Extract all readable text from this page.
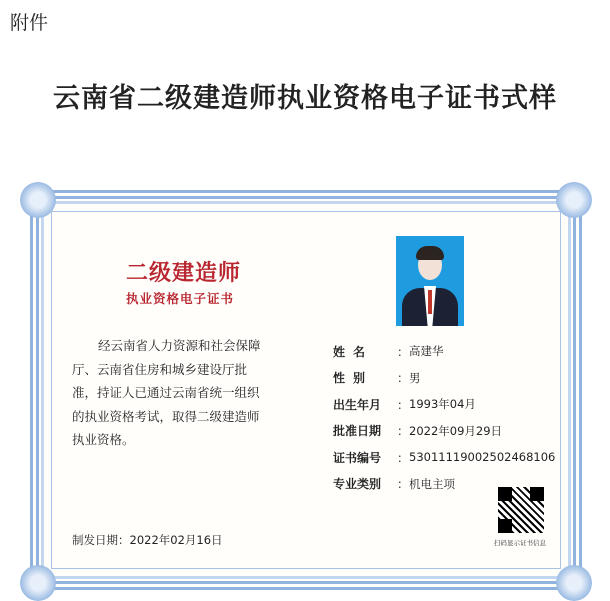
附件
云南省二级建造师执业资格电子证书式样
二级建造师
执业资格电子证书
经云南省人力资源和社会保障厅、云南省住房和城乡建设厅批准，持证人已通过云南省统一组织的执业资格考试，取得二级建造师执业资格。
姓 名	： 高建华
性 别	： 男
出生年月 ： 1993年04月
批准日期 ： 2022年09月29日
证书编号 ： 53011119002502468106
专业类别 ： 机电主项
扫码显示证书信息
制发日期：2022年02月16日
